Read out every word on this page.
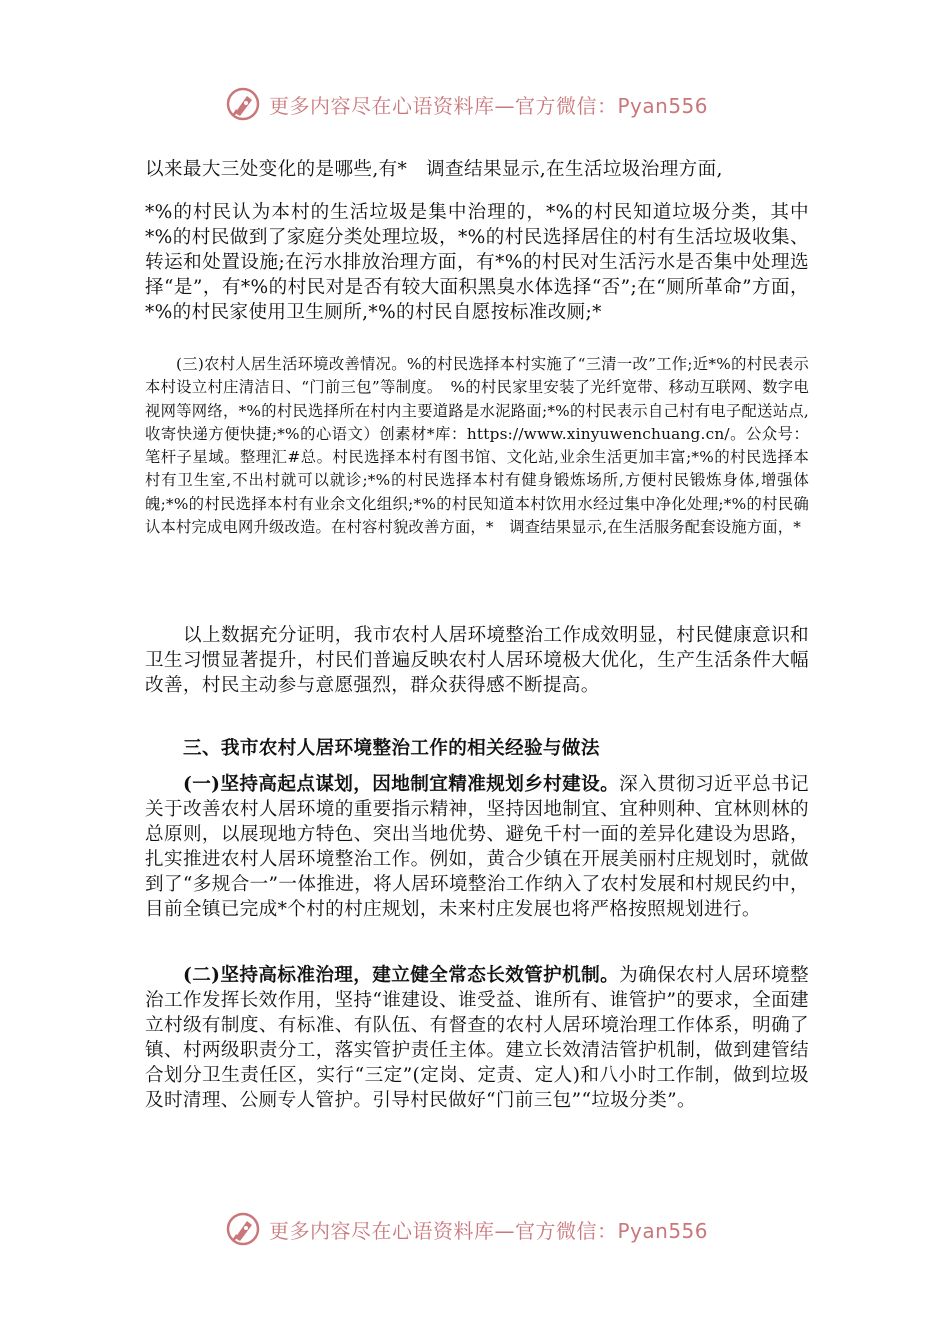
更多内容尽在心语资料库—官方微信：Pyan556

以来最大三处变化的是哪些,有*　调查结果显示,在生活垃圾治理方面,

*%的村民认为本村的生活垃圾是集中治理的，*%的村民知道垃圾分类，其中*%的村民做到了家庭分类处理垃圾，*%的村民选择居住的村有生活垃圾收集、转运和处置设施;在污水排放治理方面，有*%的村民对生活污水是否集中处理选择“是”，有*%的村民对是否有较大面积黑臭水体选择“否”;在“厕所革命”方面，*%的村民家使用卫生厕所,*%的村民自愿按标准改厕;*

(三)农村人居生活环境改善情况。%的村民选择本村实施了“三清一改”工作;近*%的村民表示本村设立村庄清洁日、“门前三包”等制度。　%的村民家里安装了光纤宽带、移动互联网、数字电视网等网络，*%的村民选择所在村内主要道路是水泥路面;*%的村民表示自己村有电子配送站点,收寄快递方便快捷;*%的心语文）创素材*库：https://www.xinyuwenchuang.cn/。公众号：笔杆子星域。整理汇#总。村民选择本村有图书馆、文化站,业余生活更加丰富;*%的村民选择本村有卫生室,不出村就可以就诊;*%的村民选择本村有健身锻炼场所,方便村民锻炼身体,增强体魄;*%的村民选择本村有业余文化组织;*%的村民知道本村饮用水经过集中净化处理;*%的村民确认本村完成电网升级改造。在村容村貌改善方面，*　调查结果显示,在生活服务配套设施方面，*

以上数据充分证明，我市农村人居环境整治工作成效明显，村民健康意识和卫生习惯显著提升，村民们普遍反映农村人居环境极大优化，生产生活条件大幅改善，村民主动参与意愿强烈，群众获得感不断提高。

三、我市农村人居环境整治工作的相关经验与做法

(一)坚持高起点谋划，因地制宜精准规划乡村建设。深入贯彻习近平总书记关于改善农村人居环境的重要指示精神，坚持因地制宜、宜种则种、宜林则林的总原则，以展现地方特色、突出当地优势、避免千村一面的差异化建设为思路，扎实推进农村人居环境整治工作。例如，黄合少镇在开展美丽村庄规划时，就做到了“多规合一”一体推进，将人居环境整治工作纳入了农村发展和村规民约中，目前全镇已完成*个村的村庄规划，未来村庄发展也将严格按照规划进行。

(二)坚持高标准治理，建立健全常态长效管护机制。为确保农村人居环境整治工作发挥长效作用，坚持“谁建设、谁受益、谁所有、谁管护”的要求，全面建立村级有制度、有标准、有队伍、有督查的农村人居环境治理工作体系，明确了镇、村两级职责分工，落实管护责任主体。建立长效清洁管护机制，做到建管结合划分卫生责任区，实行“三定”(定岗、定责、定人)和八小时工作制，做到垃圾及时清理、公厕专人管护。引导村民做好“门前三包”“垃圾分类”。

更多内容尽在心语资料库—官方微信：Pyan556
